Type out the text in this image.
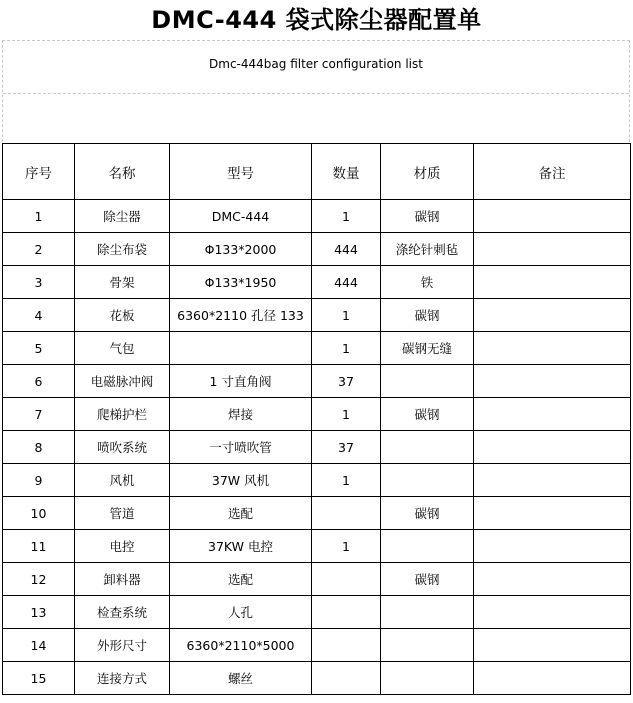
DMC-444 袋式除尘器配置单
Dmc-444bag filter configuration list
序号	名称	型号	数量	材质	备注
1	除尘器	DMC-444	1	碳钢	
2	除尘布袋	Φ133*2000	444	涤纶针刺毡	
3	骨架	Φ133*1950	444	铁	
4	花板	6360*2110 孔径 133	1	碳钢	
5	气包		1	碳钢无缝	
6	电磁脉冲阀	1 寸直角阀	37		
7	爬梯护栏	焊接	1	碳钢	
8	喷吹系统	一寸喷吹管	37		
9	风机	37W 风机	1		
10	管道	选配		碳钢	
11	电控	37KW 电控	1		
12	卸料器	选配		碳钢	
13	检查系统	人孔			
14	外形尺寸	6360*2110*5000			
15	连接方式	螺丝			
